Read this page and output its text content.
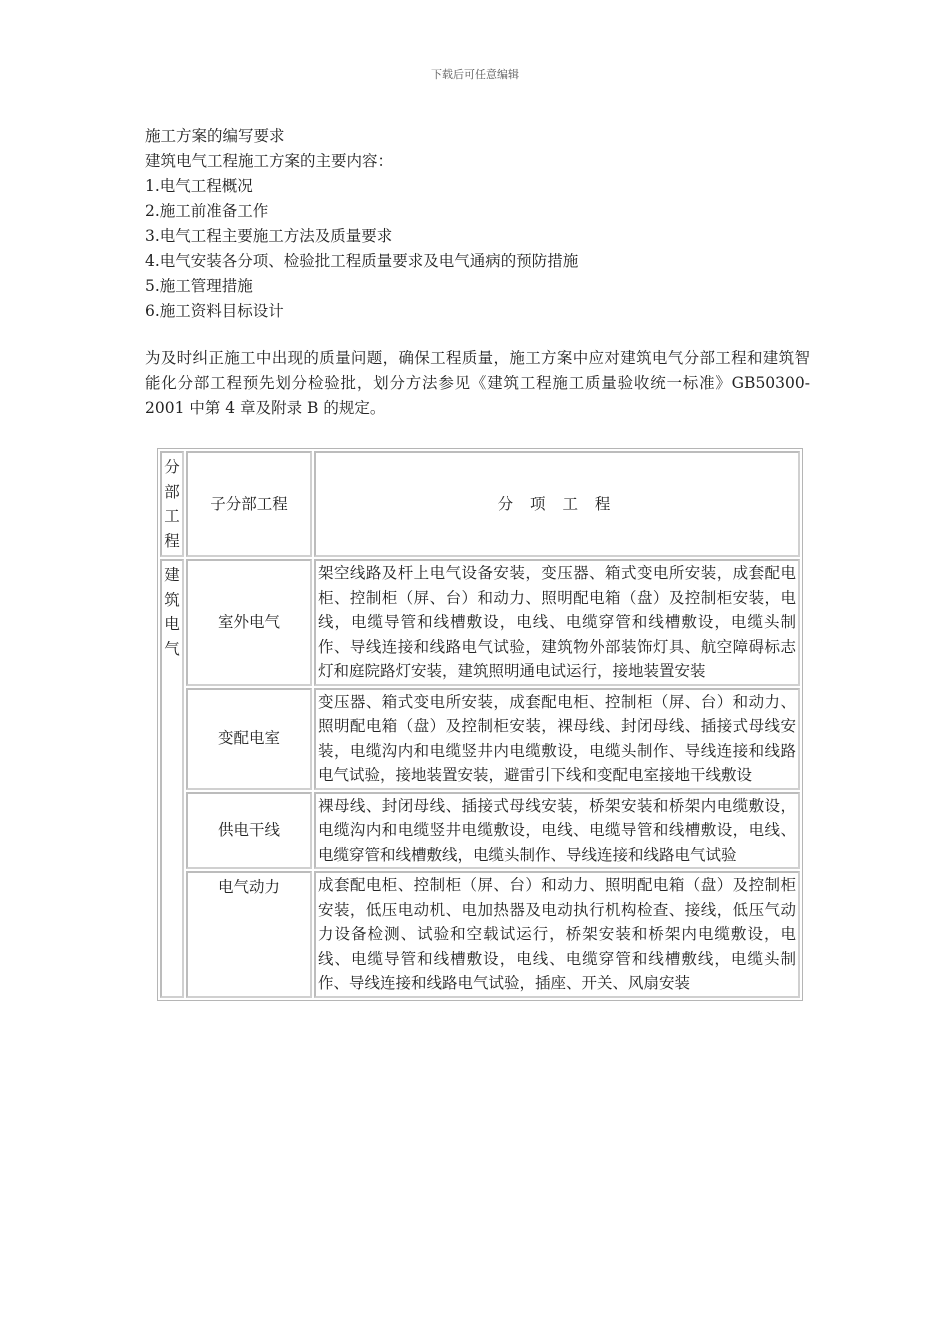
下载后可任意编辑
施工方案的编写要求
建筑电气工程施工方案的主要内容：
1.电气工程概况
2.施工前准备工作
3.电气工程主要施工方法及质量要求
4.电气安装各分项、检验批工程质量要求及电气通病的预防措施
5.施工管理措施
6.施工资料目标设计
为及时纠正施工中出现的质量问题，确保工程质量，施工方案中应对建筑电气分部工程和建筑智能化分部工程预先划分检验批，划分方法参见《建筑工程施工质量验收统一标准》GB50300-2001 中第 4 章及附录 B 的规定。
分部工程	子分部工程	分 项 工 程

建筑电气	室外电气	架空线路及杆上电气设备安装，变压器、箱式变电所安装，成套配电柜、控制柜（屏、台）和动力、照明配电箱（盘）及控制柜安装，电线，电缆导管和线槽敷设，电线、电缆穿管和线槽敷设，电缆头制作、导线连接和线路电气试验，建筑物外部装饰灯具、航空障碍标志灯和庭院路灯安装，建筑照明通电试运行，接地装置安装
	变配电室	变压器、箱式变电所安装，成套配电柜、控制柜（屏、台）和动力、照明配电箱（盘）及控制柜安装，裸母线、封闭母线、插接式母线安装，电缆沟内和电缆竖井内电缆敷设，电缆头制作、导线连接和线路电气试验，接地装置安装，避雷引下线和变配电室接地干线敷设
	供电干线	裸母线、封闭母线、插接式母线安装，桥架安装和桥架内电缆敷设，电缆沟内和电缆竖井电缆敷设，电线、电缆导管和线槽敷设，电线、电缆穿管和线槽敷线，电缆头制作、导线连接和线路电气试验
	电气动力	成套配电柜、控制柜（屏、台）和动力、照明配电箱（盘）及控制柜安装，低压电动机、电加热器及电动执行机构检查、接线，低压气动力设备检测、试验和空载试运行，桥架安装和桥架内电缆敷设，电线、电缆导管和线槽敷设，电线、电缆穿管和线槽敷线，电缆头制作、导线连接和线路电气试验，插座、开关、风扇安装
